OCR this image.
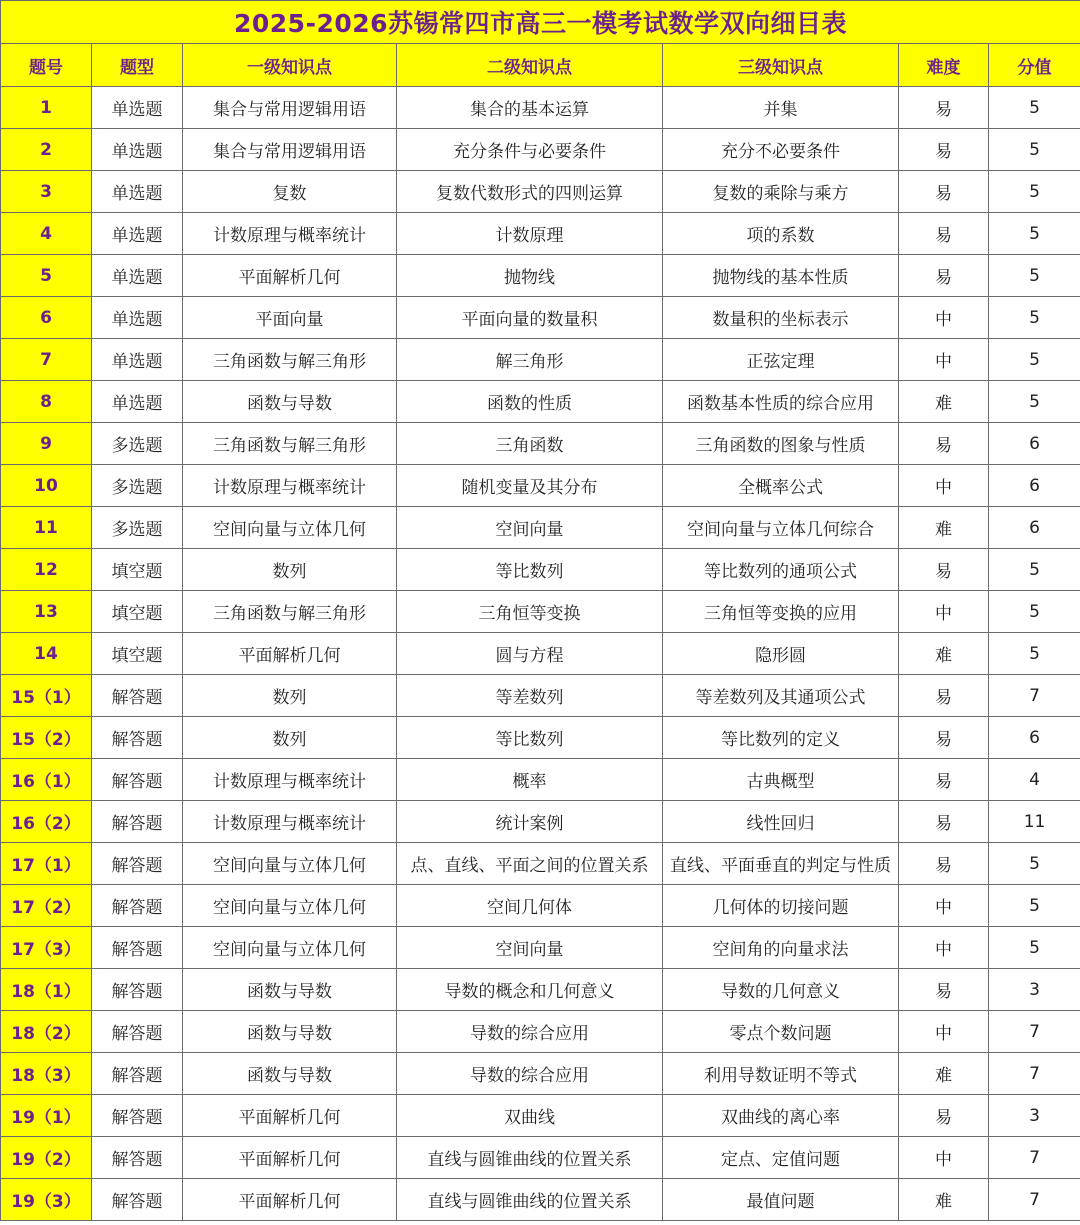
2025-2026苏锡常四市高三一模考试数学双向细目表						
题号	题型	一级知识点	二级知识点	三级知识点	难度	分值
1	单选题	集合与常用逻辑用语	集合的基本运算	并集	易	5
2	单选题	集合与常用逻辑用语	充分条件与必要条件	充分不必要条件	易	5
3	单选题	复数	复数代数形式的四则运算	复数的乘除与乘方	易	5
4	单选题	计数原理与概率统计	计数原理	项的系数	易	5
5	单选题	平面解析几何	抛物线	抛物线的基本性质	易	5
6	单选题	平面向量	平面向量的数量积	数量积的坐标表示	中	5
7	单选题	三角函数与解三角形	解三角形	正弦定理	中	5
8	单选题	函数与导数	函数的性质	函数基本性质的综合应用	难	5
9	多选题	三角函数与解三角形	三角函数	三角函数的图象与性质	易	6
10	多选题	计数原理与概率统计	随机变量及其分布	全概率公式	中	6
11	多选题	空间向量与立体几何	空间向量	空间向量与立体几何综合	难	6
12	填空题	数列	等比数列	等比数列的通项公式	易	5
13	填空题	三角函数与解三角形	三角恒等变换	三角恒等变换的应用	中	5
14	填空题	平面解析几何	圆与方程	隐形圆	难	5
15（1）	解答题	数列	等差数列	等差数列及其通项公式	易	7
15（2）	解答题	数列	等比数列	等比数列的定义	易	6
16（1）	解答题	计数原理与概率统计	概率	古典概型	易	4
16（2）	解答题	计数原理与概率统计	统计案例	线性回归	易	11
17（1）	解答题	空间向量与立体几何	点、直线、平面之间的位置关系	直线、平面垂直的判定与性质	易	5
17（2）	解答题	空间向量与立体几何	空间几何体	几何体的切接问题	中	5
17（3）	解答题	空间向量与立体几何	空间向量	空间角的向量求法	中	5
18（1）	解答题	函数与导数	导数的概念和几何意义	导数的几何意义	易	3
18（2）	解答题	函数与导数	导数的综合应用	零点个数问题	中	7
18（3）	解答题	函数与导数	导数的综合应用	利用导数证明不等式	难	7
19（1）	解答题	平面解析几何	双曲线	双曲线的离心率	易	3
19（2）	解答题	平面解析几何	直线与圆锥曲线的位置关系	定点、定值问题	中	7
19（3）	解答题	平面解析几何	直线与圆锥曲线的位置关系	最值问题	难	7
